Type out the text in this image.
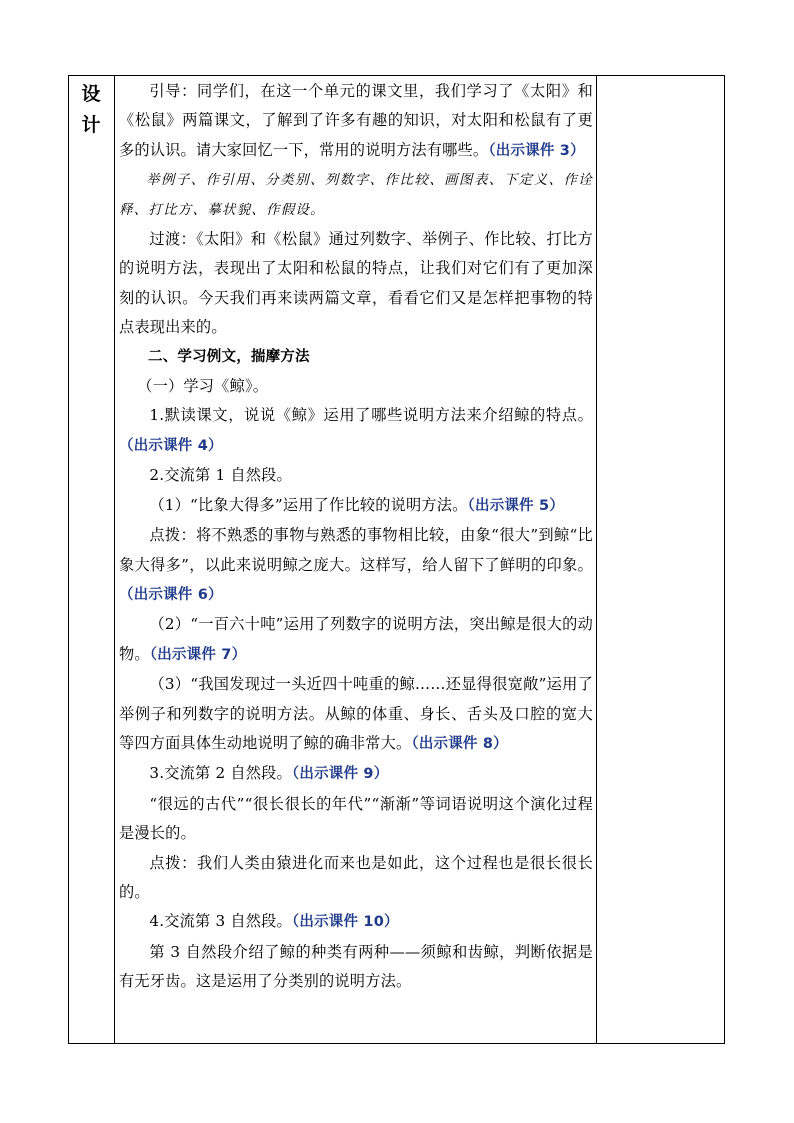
设
计

引导：同学们，在这一个单元的课文里，我们学习了《太阳》和《松鼠》两篇课文，了解到了许多有趣的知识，对太阳和松鼠有了更多的认识。请大家回忆一下，常用的说明方法有哪些。（出示课件 3）

举例子、作引用、分类别、列数字、作比较、画图表、下定义、作诠释、打比方、摹状貌、作假设。

过渡：《太阳》和《松鼠》通过列数字、举例子、作比较、打比方的说明方法，表现出了太阳和松鼠的特点，让我们对它们有了更加深刻的认识。今天我们再来读两篇文章，看看它们又是怎样把事物的特点表现出来的。

二、学习例文，揣摩方法

（一）学习《鲸》。

1.默读课文，说说《鲸》运用了哪些说明方法来介绍鲸的特点。（出示课件 4）

2.交流第 1 自然段。

（1）“比象大得多”运用了作比较的说明方法。（出示课件 5）

点拨：将不熟悉的事物与熟悉的事物相比较，由象“很大”到鲸“比象大得多”，以此来说明鲸之庞大。这样写，给人留下了鲜明的印象。（出示课件 6）

（2）“一百六十吨”运用了列数字的说明方法，突出鲸是很大的动物。（出示课件 7）

（3）“我国发现过一头近四十吨重的鲸……还显得很宽敞”运用了举例子和列数字的说明方法。从鲸的体重、身长、舌头及口腔的宽大等四方面具体生动地说明了鲸的确非常大。（出示课件 8）

3.交流第 2 自然段。（出示课件 9）

“很远的古代”“很长很长的年代”“渐渐”等词语说明这个演化过程是漫长的。

点拨：我们人类由猿进化而来也是如此，这个过程也是很长很长的。

4.交流第 3 自然段。（出示课件 10）

第 3 自然段介绍了鲸的种类有两种——须鲸和齿鲸，判断依据是有无牙齿。这是运用了分类别的说明方法。
